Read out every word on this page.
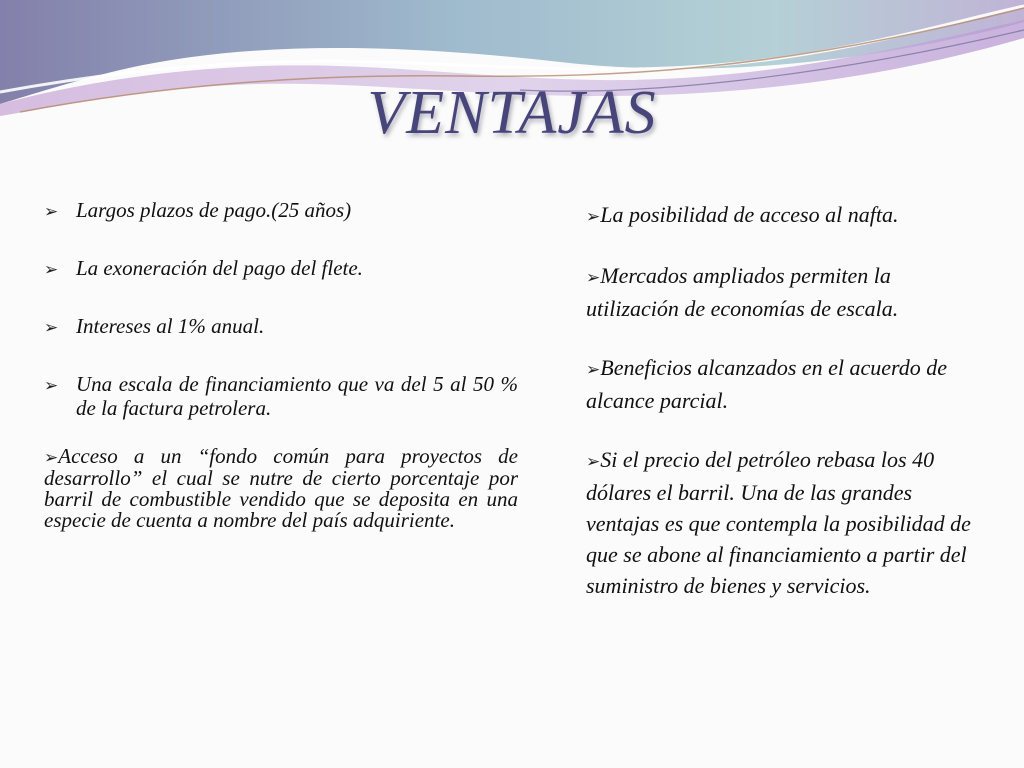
VENTAJAS
➢ Largos plazos de pago.(25 años)
➢ La exoneración del pago del flete.
➢ Intereses al 1% anual.
➢ Una escala de financiamiento que va del 5 al 50 % de la factura petrolera.
➢Acceso a un “fondo común para proyectos de desarrollo” el cual se nutre de cierto porcentaje por barril de combustible vendido que se deposita en una especie de cuenta a nombre del país adquiriente.
➢La posibilidad de acceso al nafta.
➢Mercados ampliados permiten la utilización de economías de escala.
➢Beneficios alcanzados en el acuerdo de alcance parcial.
➢Si el precio del petróleo rebasa los 40 dólares el barril. Una de las grandes ventajas es que contempla la posibilidad de que se abone al financiamiento a partir del suministro de bienes y servicios.
